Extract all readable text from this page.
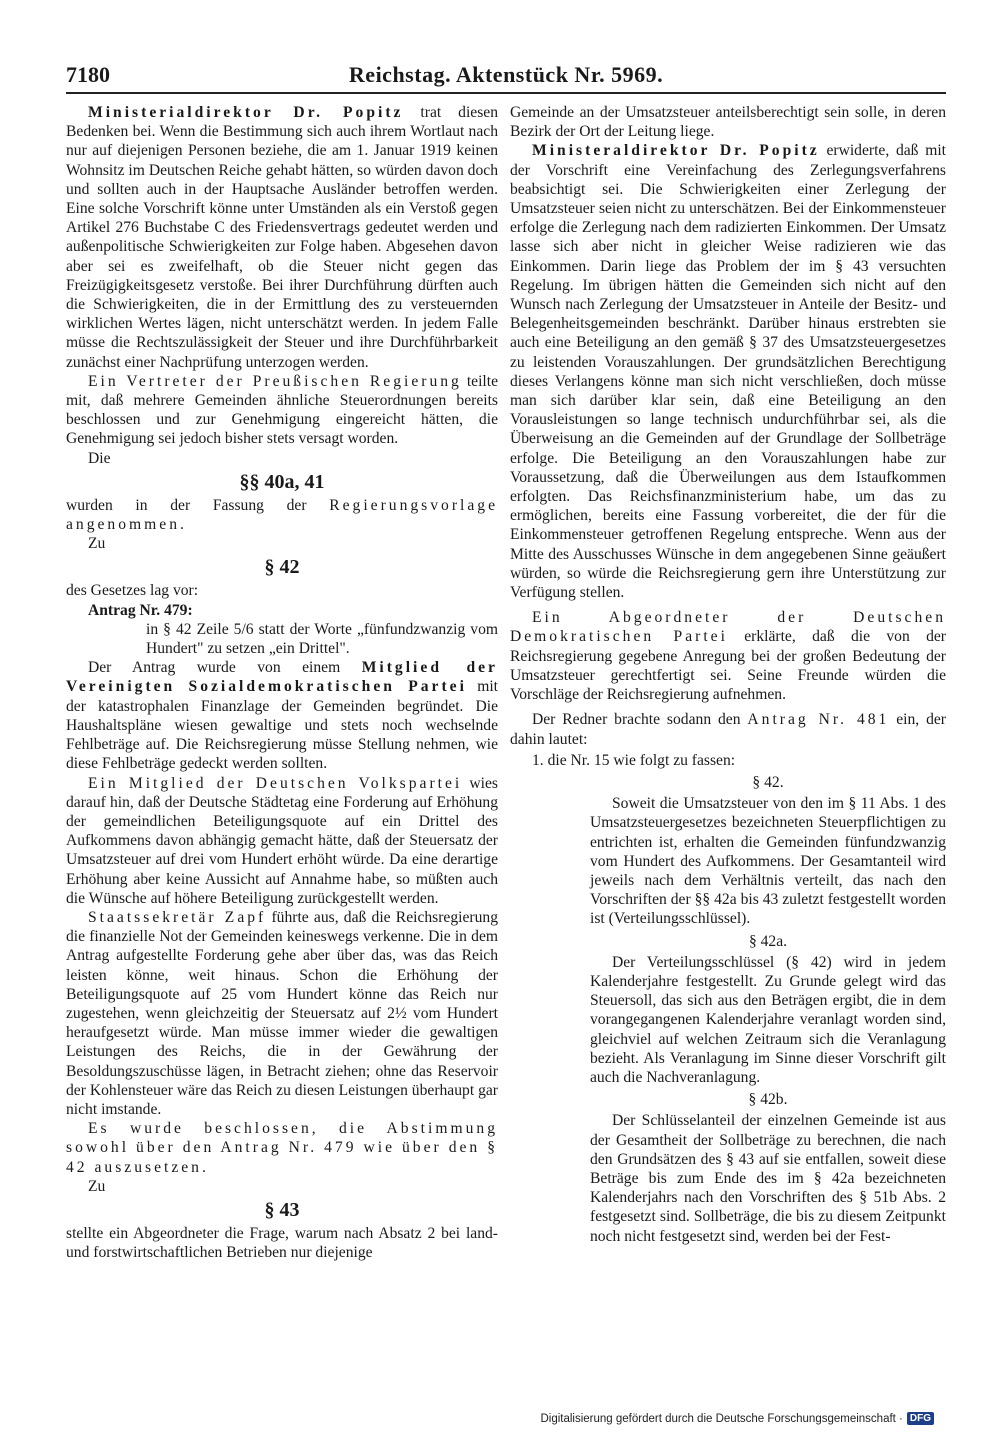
7180	Reichstag. Aktenstück Nr. 5969.

Ministerialdirektor Dr. Popitz trat diesen Bedenken bei. Wenn die Bestimmung sich auch ihrem Wortlaut nach nur auf diejenigen Personen beziehe, die am 1. Januar 1919 keinen Wohnsitz im Deutschen Reiche gehabt hätten, so würden davon doch und sollten auch in der Hauptsache Ausländer betroffen werden. Eine solche Vorschrift könne unter Umständen als ein Verstoß gegen Artikel 276 Buchstabe C des Friedensvertrags gedeutet werden und außenpolitische Schwierigkeiten zur Folge haben. Abgesehen davon aber sei es zweifelhaft, ob die Steuer nicht gegen das Freizügigkeitsgesetz verstoße. Bei ihrer Durchführung dürften auch die Schwierigkeiten, die in der Ermittlung des zu versteuernden wirklichen Wertes lägen, nicht unterschätzt werden. In jedem Falle müsse die Rechtszulässigkeit der Steuer und ihre Durchführbarkeit zunächst einer Nachprüfung unterzogen werden.

Ein Vertreter der Preußischen Regierung teilte mit, daß mehrere Gemeinden ähnliche Steuerordnungen bereits beschlossen und zur Genehmigung eingereicht hätten, die Genehmigung sei jedoch bisher stets versagt worden.

Die

§§ 40a, 41

wurden in der Fassung der Regierungsvorlage angenommen.

Zu

§ 42

des Gesetzes lag vor:

Antrag Nr. 479:

in § 42 Zeile 5/6 statt der Worte „fünfundzwanzig vom Hundert" zu setzen „ein Drittel".

Der Antrag wurde von einem Mitglied der Vereinigten Sozialdemokratischen Partei mit der katastrophalen Finanzlage der Gemeinden begründet. Die Haushaltspläne wiesen gewaltige und stets noch wechselnde Fehlbeträge auf. Die Reichsregierung müsse Stellung nehmen, wie diese Fehlbeträge gedeckt werden sollten.

Ein Mitglied der Deutschen Volkspartei wies darauf hin, daß der Deutsche Städtetag eine Forderung auf Erhöhung der gemeindlichen Beteiligungsquote auf ein Drittel des Aufkommens davon abhängig gemacht hätte, daß der Steuersatz der Umsatzsteuer auf drei vom Hundert erhöht würde. Da eine derartige Erhöhung aber keine Aussicht auf Annahme habe, so müßten auch die Wünsche auf höhere Beteiligung zurückgestellt werden.

Staatssekretär Zapf führte aus, daß die Reichsregierung die finanzielle Not der Gemeinden keineswegs verkenne. Die in dem Antrag aufgestellte Forderung gehe aber über das, was das Reich leisten könne, weit hinaus. Schon die Erhöhung der Beteiligungsquote auf 25 vom Hundert könne das Reich nur zugestehen, wenn gleichzeitig der Steuersatz auf 2½ vom Hundert heraufgesetzt würde. Man müsse immer wieder die gewaltigen Leistungen des Reichs, die in der Gewährung der Besoldungszuschüsse lägen, in Betracht ziehen; ohne das Reservoir der Kohlensteuer wäre das Reich zu diesen Leistungen überhaupt gar nicht imstande.

Es wurde beschlossen, die Abstimmung sowohl über den Antrag Nr. 479 wie über den § 42 auszusetzen.

Zu

§ 43

stellte ein Abgeordneter die Frage, warum nach Absatz 2 bei land- und forstwirtschaftlichen Betrieben nur diejenige

Gemeinde an der Umsatzsteuer anteilsberechtigt sein solle, in deren Bezirk der Ort der Leitung liege.

Ministeraldirektor Dr. Popitz erwiderte, daß mit der Vorschrift eine Vereinfachung des Zerlegungsverfahrens beabsichtigt sei. Die Schwierigkeiten einer Zerlegung der Umsatzsteuer seien nicht zu unterschätzen. Bei der Einkommensteuer erfolge die Zerlegung nach dem radizierten Einkommen. Der Umsatz lasse sich aber nicht in gleicher Weise radizieren wie das Einkommen. Darin liege das Problem der im § 43 versuchten Regelung. Im übrigen hätten die Gemeinden sich nicht auf den Wunsch nach Zerlegung der Umsatzsteuer in Anteile der Besitz- und Belegenheitsgemeinden beschränkt. Darüber hinaus erstrebten sie auch eine Beteiligung an den gemäß § 37 des Umsatzsteuergesetzes zu leistenden Vorauszahlungen. Der grundsätzlichen Berechtigung dieses Verlangens könne man sich nicht verschließen, doch müsse man sich darüber klar sein, daß eine Beteiligung an den Vorausleistungen so lange technisch undurchführbar sei, als die Überweisung an die Gemeinden auf der Grundlage der Sollbeträge erfolge. Die Beteiligung an den Vorauszahlungen habe zur Voraussetzung, daß die Überweilungen aus dem Istaufkommen erfolgten. Das Reichsfinanzministerium habe, um das zu ermöglichen, bereits eine Fassung vorbereitet, die der für die Einkommensteuer getroffenen Regelung entspreche. Wenn aus der Mitte des Ausschusses Wünsche in dem angegebenen Sinne geäußert würden, so würde die Reichsregierung gern ihre Unterstützung zur Verfügung stellen.

Ein Abgeordneter der Deutschen Demokratischen Partei erklärte, daß die von der Reichsregierung gegebene Anregung bei der großen Bedeutung der Umsatzsteuer gerechtfertigt sei. Seine Freunde würden die Vorschläge der Reichsregierung aufnehmen.

Der Redner brachte sodann den Antrag Nr. 481 ein, der dahin lautet:

1. die Nr. 15 wie folgt zu fassen:

§ 42.

Soweit die Umsatzsteuer von den im § 11 Abs. 1 des Umsatzsteuergesetzes bezeichneten Steuerpflichtigen zu entrichten ist, erhalten die Gemeinden fünfundzwanzig vom Hundert des Aufkommens. Der Gesamtanteil wird jeweils nach dem Verhältnis verteilt, das nach den Vorschriften der §§ 42a bis 43 zuletzt festgestellt worden ist (Verteilungsschlüssel).

§ 42a.

Der Verteilungsschlüssel (§ 42) wird in jedem Kalenderjahre festgestellt. Zu Grunde gelegt wird das Steuersoll, das sich aus den Beträgen ergibt, die in dem vorangegangenen Kalenderjahre veranlagt worden sind, gleichviel auf welchen Zeitraum sich die Veranlagung bezieht. Als Veranlagung im Sinne dieser Vorschrift gilt auch die Nachveranlagung.

§ 42b.

Der Schlüsselanteil der einzelnen Gemeinde ist aus der Gesamtheit der Sollbeträge zu berechnen, die nach den Grundsätzen des § 43 auf sie entfallen, soweit diese Beträge bis zum Ende des im § 42a bezeichneten Kalenderjahrs nach den Vorschriften des § 51b Abs. 2 festgesetzt sind. Sollbeträge, die bis zu diesem Zeitpunkt noch nicht festgesetzt sind, werden bei der Fest-

Digitalisierung gefördert durch die Deutsche Forschungsgemeinschaft · DFG
